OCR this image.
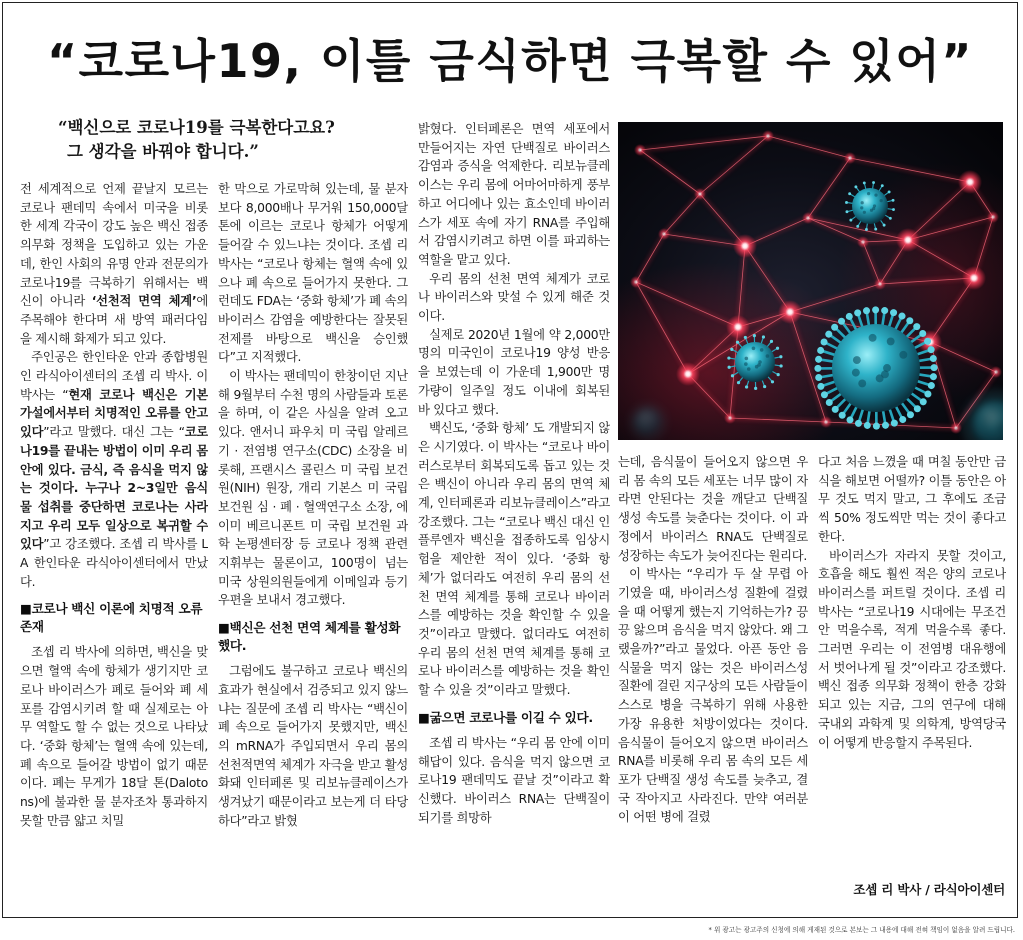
“코로나19, 이틀 금식하면 극복할 수 있어”
“백신으로 코로나19를 극복한다고요?
그 생각을 바꿔야 합니다.”

전 세계적으로 언제 끝날지 모르는 코로나 팬데믹 속에서 미국을 비롯한 세계 각국이 강도 높은 백신 접종 의무화 정책을 도입하고 있는 가운데, 한인 사회의 유명 안과 전문의가 코로나19를 극복하기 위해서는 백신이 아니라 ‘선천적 면역 체계’에 주목해야 한다며 새 방역 패러다임을 제시해 화제가 되고 있다.

주인공은 한인타운 안과 종합병원인 라식아이센터의 조셉 리 박사. 이 박사는 “현재 코로나 백신은 기본 가설에서부터 치명적인 오류를 안고 있다”라고 말했다. 대신 그는 “코로나19를 끝내는 방법이 이미 우리 몸 안에 있다. 금식, 즉 음식을 먹지 않는 것이다. 누구나 2~3일만 음식 물 섭취를 중단하면 코로나는 사라지고 우리 모두 일상으로 복귀할 수 있다”고 강조했다. 조셉 리 박사를 LA 한인타운 라식아이센터에서 만났다.

■코로나 백신 이론에 치명적 오류 존재

조셉 리 박사에 의하면, 백신을 맞으면 혈액 속에 항체가 생기지만 코로나 바이러스가 폐로 들어와 폐 세포를 감염시키려 할 때 실제로는 아무 역할도 할 수 없는 것으로 나타났다. ‘중화 항체’는 혈액 속에 있는데, 폐 속으로 들어갈 방법이 없기 때문이다. 폐는 무게가 18달 톤(Dalotons)에 불과한 물 분자조차 통과하지 못할 만큼 얇고 치밀

한 막으로 가로막혀 있는데, 물 분자보다 8,000배나 무거워 150,000달 톤에 이르는 코로나 항체가 어떻게 들어갈 수 있느냐는 것이다. 조셉 리 박사는 “코로나 항체는 혈액 속에 있으나 폐 속으로 들어가지 못한다. 그런데도 FDA는 ‘중화 항체’가 폐 속의 바이러스 감염을 예방한다는 잘못된 전제를 바탕으로 백신을 승인했다”고 지적했다.

이 박사는 팬데믹이 한창이던 지난해 9월부터 수천 명의 사람들과 토론을 하며, 이 같은 사실을 알려 오고 있다. 앤서니 파우치 미 국립 알레르기 · 전염병 연구소(CDC) 소장을 비롯해, 프랜시스 콜린스 미 국립 보건원(NIH) 원장, 개리 기본스 미 국립 보건원 심 · 폐 · 혈액연구소 소장, 에이미 베르니폰트 미 국립 보건원 과학 논평센터장 등 코로나 정책 관련 지휘부는 물론이고, 100명이 넘는 미국 상원의원들에게 이메일과 등기우편을 보내서 경고했다.

■백신은 선천 면역 체계를 활성화했다.

그럼에도 불구하고 코로나 백신의 효과가 현실에서 검증되고 있지 않느냐는 질문에 조셉 리 박사는 “백신이 폐 속으로 들어가지 못했지만, 백신의 mRNA가 주입되면서 우리 몸의 선천적면역 체계가 자극을 받고 활성화돼 인터페론 및 리보뉴클레이스가 생겨났기 때문이라고 보는게 더 타당하다”라고 밝혔

밝혔다. 인터페론은 면역 세포에서 만들어지는 자연 단백질로 바이러스 감염과 증식을 억제한다. 리보뉴클레이스는 우리 몸에 어마어마하게 풍부하고 어디에나 있는 효소인데 바이러스가 세포 속에 자기 RNA를 주입해서 감염시키려고 하면 이를 파괴하는 역할을 맡고 있다.

우리 몸의 선천 면역 체계가 코로나 바이러스와 맞설 수 있게 해준 것이다.

실제로 2020년 1월에 약 2,000만 명의 미국인이 코로나19 양성 반응을 보였는데 이 가운데 1,900만 명 가량이 일주일 정도 이내에 회복된 바 있다고 했다.

백신도, ‘중화 항체’ 도 개발되지 않은 시기였다. 이 박사는 “코로나 바이러스로부터 회복되도록 돕고 있는 것은 백신이 아니라 우리 몸의 면역 체계, 인터페론과 리보뉴클레이스”라고 강조했다. 그는 “코로나 백신 대신 인플루엔자 백신을 접종하도록 임상시험을 제안한 적이 있다. ‘중화 항체’가 없더라도 여전히 우리 몸의 선천 면역 체계를 통해 코로나 바이러스를 예방하는 것을 확인할 수 있을 것”이라고 말했다. 없더라도 여전히 우리 몸의 선천 면역 체계를 통해 코로나 바이러스를 예방하는 것을 확인할 수 있을 것”이라고 말했다.

■굶으면 코로나를 이길 수 있다.

조셉 리 박사는 “우리 몸 안에 이미 해답이 있다. 음식을 먹지 않으면 코로나19 팬데믹도 끝날 것”이라고 확신했다. 바이러스 RNA는 단백질이 되기를 희망하

는데, 음식물이 들어오지 않으면 우리 몸 속의 모든 세포는 너무 많이 자라면 안된다는 것을 깨닫고 단백질 생성 속도를 늦춘다는 것이다. 이 과정에서 바이러스 RNA도 단백질로 성장하는 속도가 늦어진다는 원리다.

이 박사는 “우리가 두 살 무렵 아기였을 때, 바이러스성 질환에 걸렸을 때 어떻게 했는지 기억하는가? 끙끙 앓으며 음식을 먹지 않았다. 왜 그랬을까?”라고 물었다. 아픈 동안 음식물을 먹지 않는 것은 바이러스성 질환에 걸린 지구상의 모든 사람들이 스스로 병을 극복하기 위해 사용한 가장 유용한 처방이었다는 것이다. 음식물이 들어오지 않으면 바이러스 RNA를 비롯해 우리 몸 속의 모든 세포가 단백질 생성 속도를 늦추고, 결국 작아지고 사라진다. 만약 여러분이 어떤 병에 걸렸

다고 처음 느꼈을 때 며칠 동안만 금식을 해보면 어떨까? 이틀 동안은 아무 것도 먹지 말고, 그 후에도 조금씩 50% 정도씩만 먹는 것이 좋다고 한다.

바이러스가 자라지 못할 것이고, 호흡을 해도 훨씬 적은 양의 코로나 바이러스를 퍼트릴 것이다. 조셉 리 박사는 “코로나19 시대에는 무조건 안 먹을수록, 적게 먹을수록 좋다. 그러면 우리는 이 전염병 대유행에서 벗어나게 될 것”이라고 강조했다. 백신 접종 의무화 정책이 한층 강화되고 있는 지금, 그의 연구에 대해 국내외 과학계 및 의학계, 방역당국이 어떻게 반응할지 주목된다.

조셉 리 박사 / 라식아이센터
* 위 광고는 광고주의 신청에 의해 게재된 것으로 본보는 그 내용에 대해 전혀 책임이 없음을 알려 드립니다.
